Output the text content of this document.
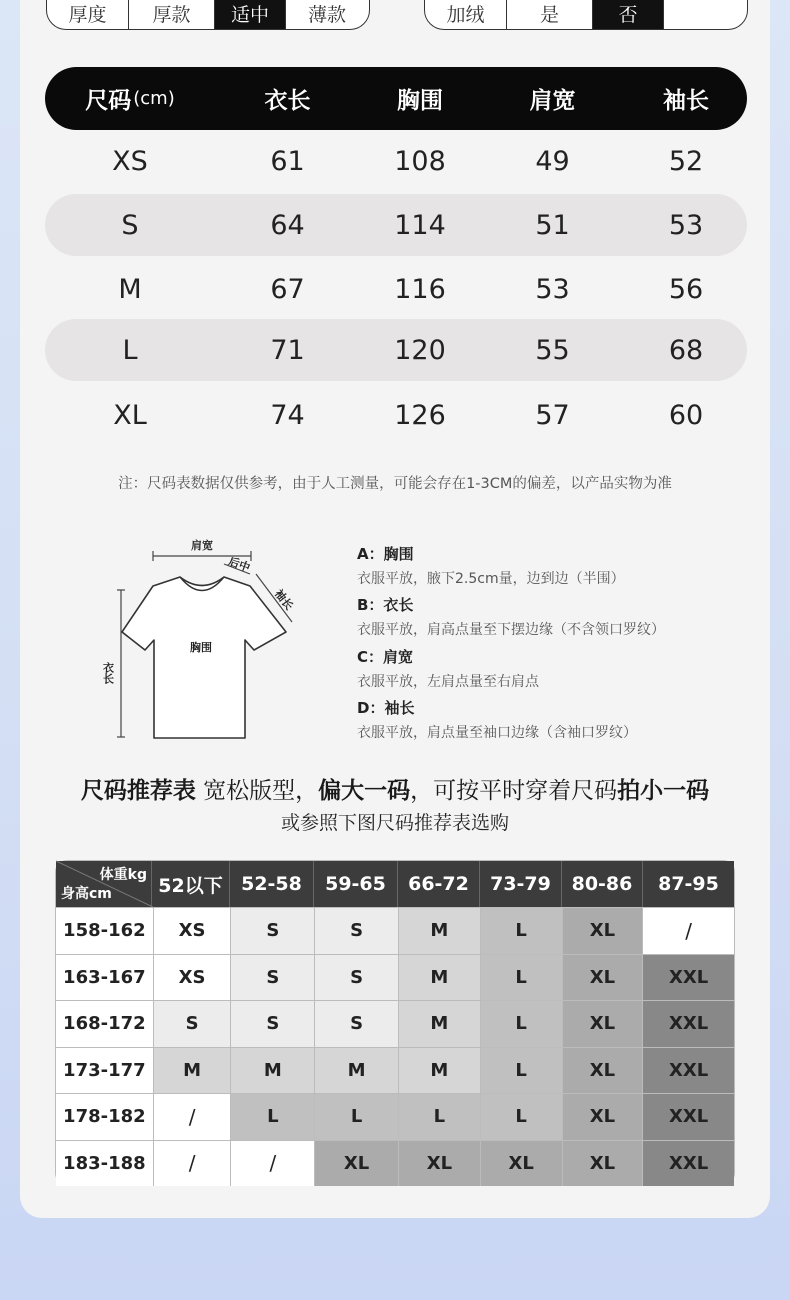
厚度	厚款	适中	薄款	加绒	是	否
尺码 (cm)	衣长	胸围	肩宽	袖长
XS	61	108	49	52
S	64	114	51	53
M	67	116	53	56
L	71	120	55	68
XL	74	126	57	60
注：尺码表数据仅供参考，由于人工测量，可能会存在1-3CM的偏差，以产品实物为准
肩宽
后中
袖长
胸围
衣长
A：胸围
衣服平放，腋下2.5cm量，边到边（半围）
B：衣长
衣服平放，肩高点量至下摆边缘（不含领口罗纹）
C：肩宽
衣服平放，左肩点量至右肩点
D：袖长
衣服平放，肩点量至袖口边缘（含袖口罗纹）
尺码推荐表 宽松版型，偏大一码，可按平时穿着尺码拍小一码
或参照下图尺码推荐表选购
体重kg
身高cm	52以下 52-58	59-65	66-72	73-79	80-86	87-95
158-162	XS	S	S	M	L	XL	/
163-167	XS	S	S	M	L	XL	XXL
168-172	S	S	S	M	L	XL	XXL
173-177	M	M	M	M	L	XL	XXL
178-182	/	L	L	L	L	XL	XXL
183-188	/	/	XL	XL	XL	XL	XXL
